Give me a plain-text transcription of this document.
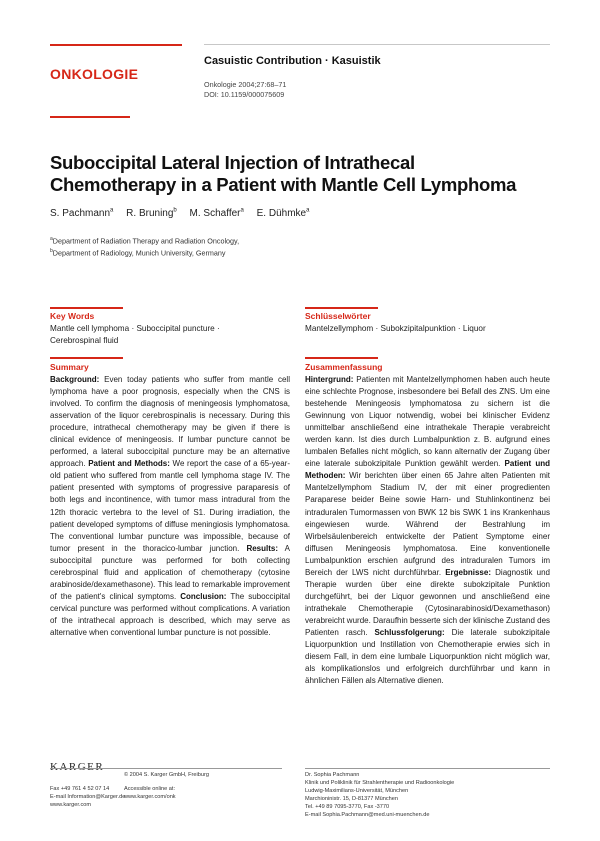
ONKOLOGIE
Casuistic Contribution · Kasuistik
Onkologie 2004;27:68–71
DOI: 10.1159/000075609
Suboccipital Lateral Injection of Intrathecal
Chemotherapy in a Patient with Mantle Cell Lymphoma
S. Pachmann$^a$ R. Bruning$^b$ M. Schaffer$^a$ E. Dühmke$^a$
$^a$Department of Radiation Therapy and Radiation Oncology,
$^b$Department of Radiology, Munich University, Germany
Key Words
Mantle cell lymphoma · Suboccipital puncture ·
Cerebrospinal fluid
Summary
Background: Even today patients who suffer from mantle cell lymphoma have a poor prognosis, especially when the CNS is involved. To confirm the diagnosis of meningeosis lymphomatosa, asservation of the liquor cerebrospinalis is necessary. During this procedure, intrathecal chemotherapy may be given if there is clinical evidence of meningeosis. If lumbar puncture cannot be performed, a lateral suboccipital puncture may be an alternative approach. Patient and Methods: We report the case of a 65-year-old patient who suffered from mantle cell lymphoma stage IV. The patient presented with symptoms of progressive paraparesis of both legs and incontinence, with tumor mass intradural from the 12th thoracic vertebra to the level of S1. During irradiation, the patient developed symptoms of diffuse meningiosis lymphomatosa. The conventional lumbar puncture was impossible, because of tumor present in the thoracico-lumbar junction. Results: A suboccipital puncture was performed for both collecting cerebrospinal fluid and application of chemotherapy (cytosine arabinoside/dexamethasone). This lead to remarkable improvement of the patient's clinical symptoms. Conclusion: The suboccipital cervical puncture was performed without complications. A variation of the intrathecal approach is described, which may serve as alternative when conventional lumbar puncture is not possible.
Schlüsselwörter
Mantelzellymphom · Subokzipitalpunktion · Liquor
Zusammenfassung
Hintergrund: Patienten mit Mantelzellymphomen haben auch heute eine schlechte Prognose, insbesondere bei Befall des ZNS. Um eine bestehende Meningeosis lymphomatosa zu sichern ist die Gewinnung von Liquor notwendig, wobei bei klinischer Evidenz unmittelbar anschließend eine intrathekale Therapie verabreicht werden kann. Ist dies durch Lumbalpunktion z. B. aufgrund eines lumbalen Befalles nicht möglich, so kann alternativ der Zugang über eine laterale subokzipitale Punktion gewählt werden. Patient und Methoden: Wir berichten über einen 65 Jahre alten Patienten mit Mantelzellymphom Stadium IV, der mit einer progredienten Paraparese beider Beine sowie Harn- und Stuhlinkontinenz bei intraduralen Tumormassen von BWK 12 bis SWK 1 ins Krankenhaus eingewiesen wurde. Während der Bestrahlung im Wirbelsäulenbereich entwickelte der Patient Symptome einer diffusen Meningeosis lymphomatosa. Eine konventionelle Lumbalpunktion erschien aufgrund des intraduralen Tumors im Bereich der LWS nicht durchführbar. Ergebnisse: Diagnostik und Therapie wurden über eine direkte subokzipitale Punktion durchgeführt, bei der Liquor gewonnen und anschließend eine intrathekale Chemotherapie (Cytosinarabinosid/Dexamethason) verabreicht wurde. Daraufhin besserte sich der klinische Zustand des Patienten rasch. Schlussfolgerung: Die laterale subokzipitale Liquorpunktion und Instillation von Chemotherapie erwies sich in diesem Fall, in dem eine lumbale Liquorpunktion nicht möglich war, als komplikationslos und erfolgreich durchführbar und kann in ähnlichen Fällen als Alternative dienen.
KARGER
Fax +49 761 4 52 07 14
E-mail Information@Karger.de
www.karger.com
© 2004 S. Karger GmbH, Freiburg
Accessible online at:
www.karger.com/onk
Dr. Sophia Pachmann
Klinik und Poliklinik für Strahlentherapie und Radioonkologie
Ludwig-Maximilians-Universität, München
Marchioninistr. 15, D-81377 München
Tel. +49 89 7095-3770, Fax -3770
E-mail Sophia.Pachmann@med.uni-muenchen.de
